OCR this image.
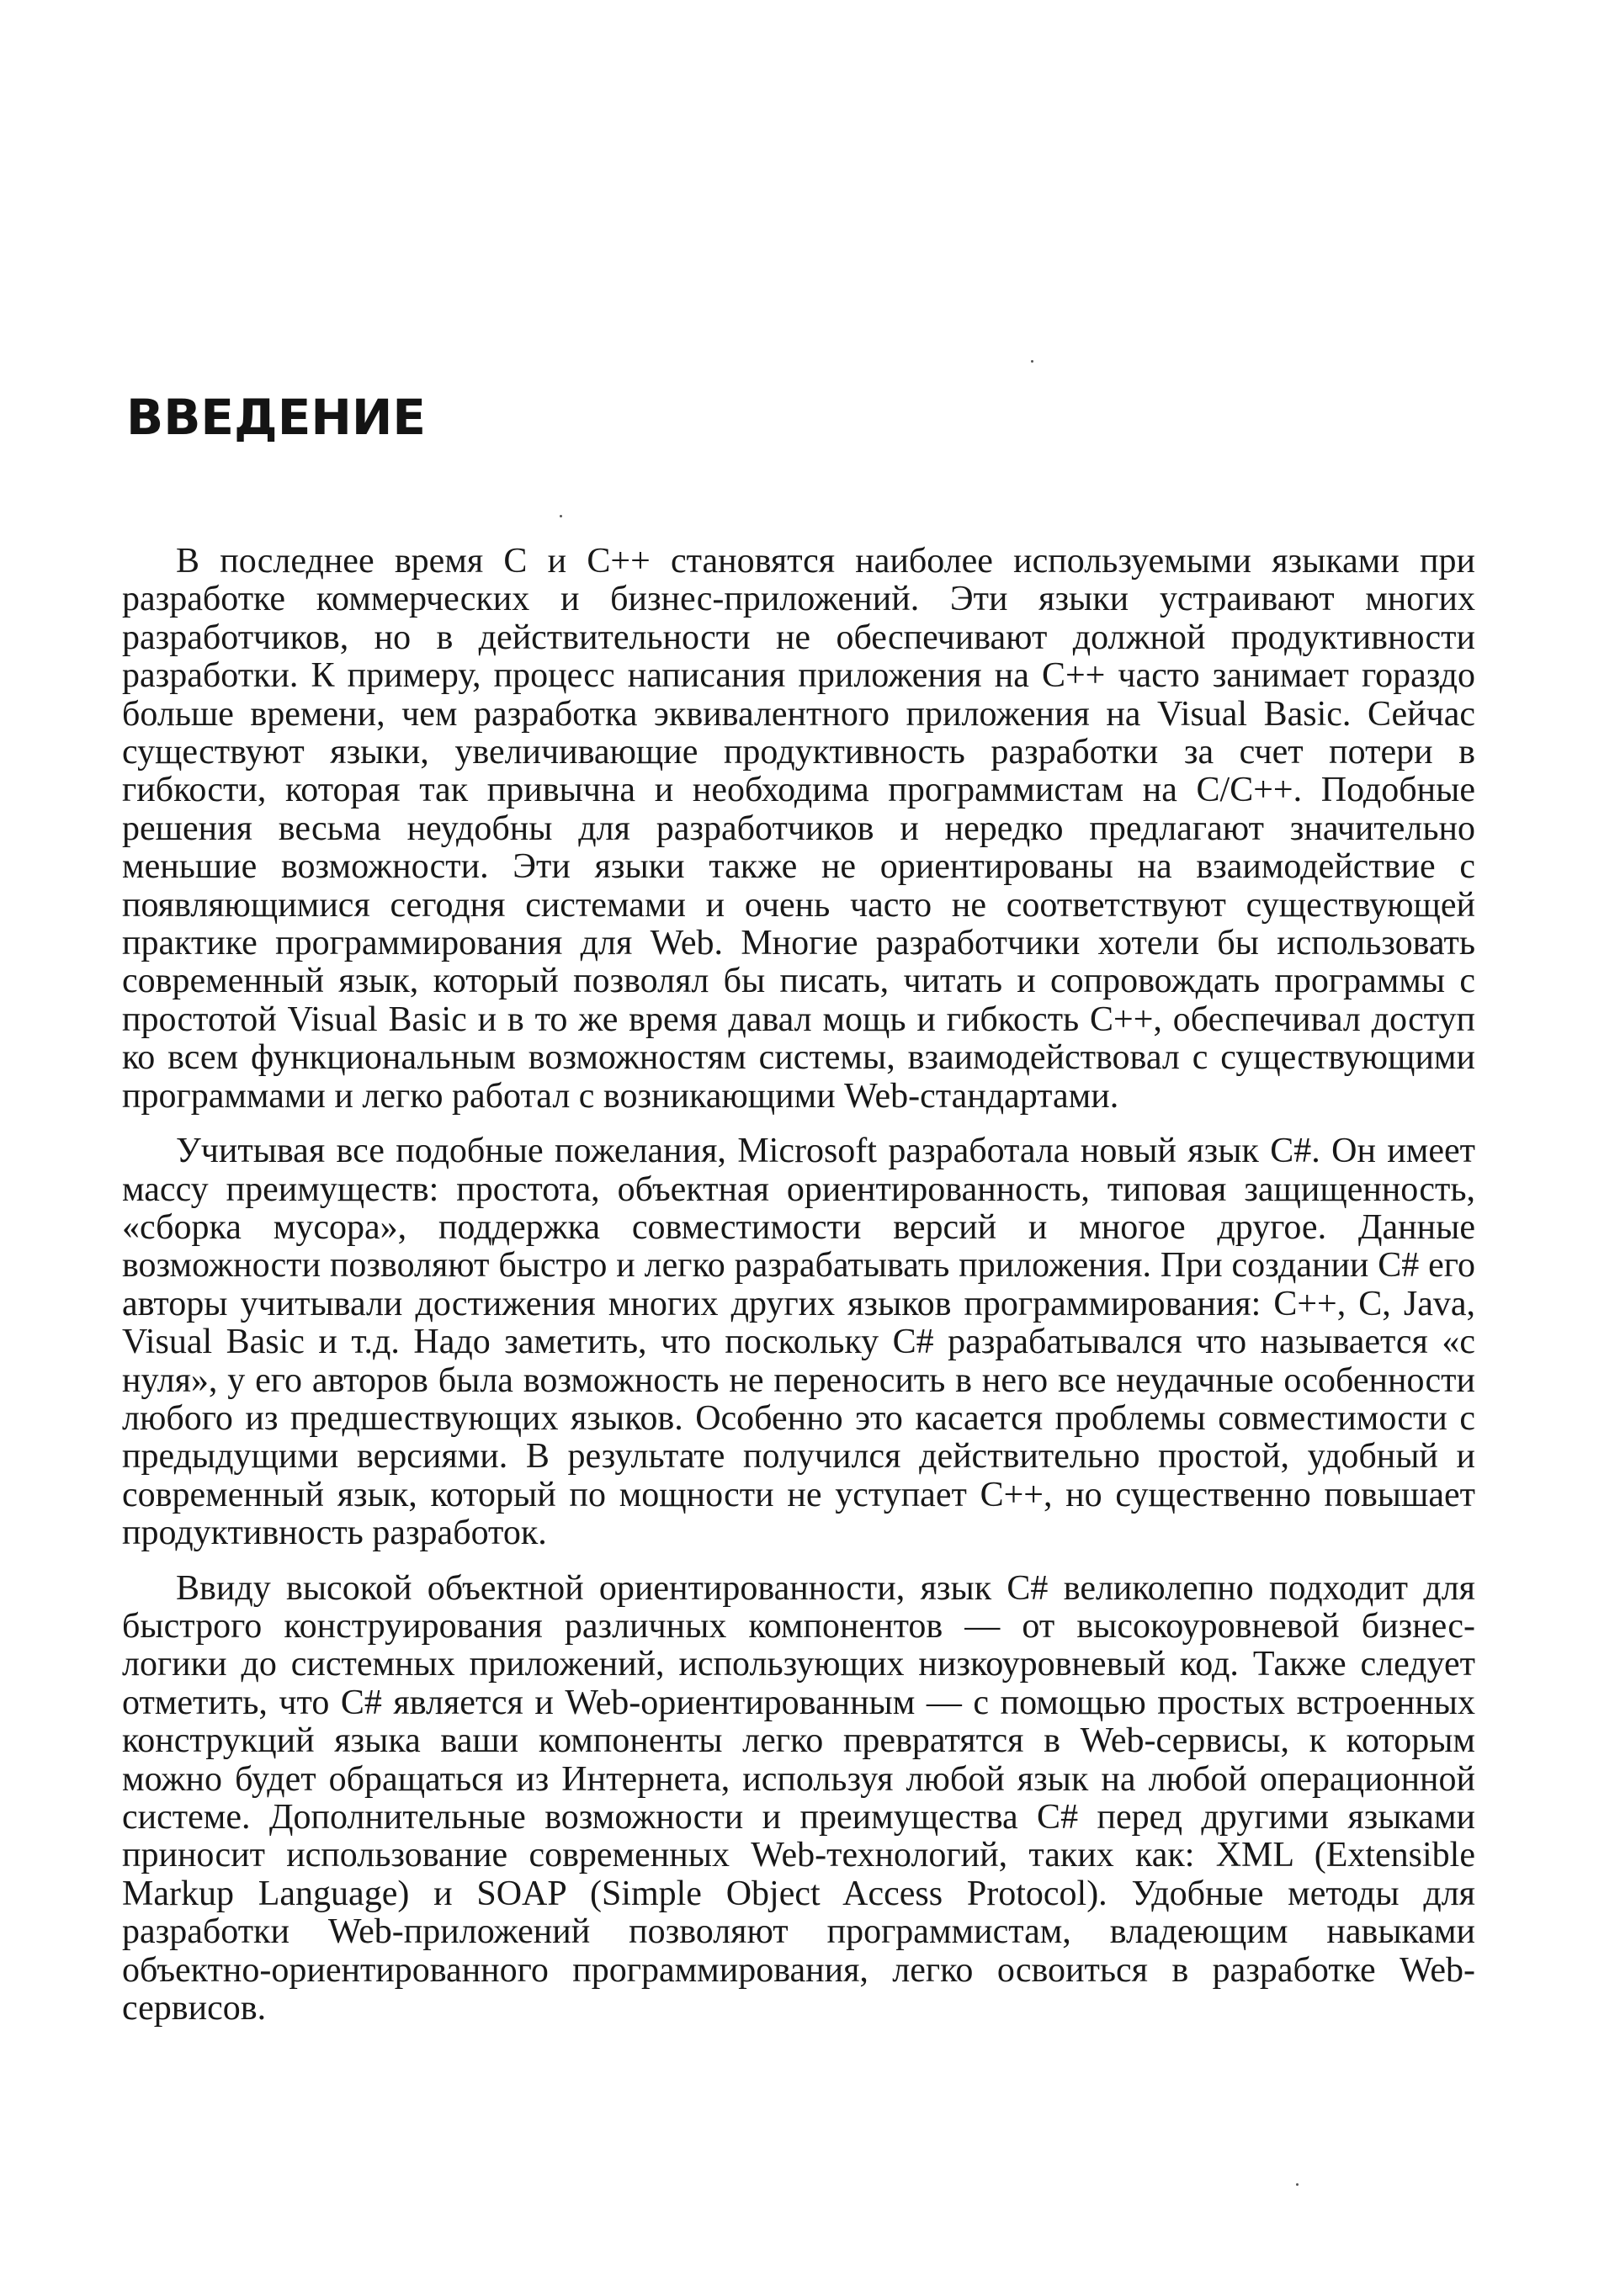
ВВЕДЕНИЕ

В последнее время С и С++ становятся наиболее используемыми языками при разработке коммерческих и бизнес-приложений. Эти языки устраивают многих разработчиков, но в действительности не обеспечивают должной продуктивности разработки. К примеру, процесс написания приложения на С++ часто занимает гораздо больше времени, чем разработка эквивалентного приложения на Visual Basic. Сейчас существуют языки, увеличивающие продуктивность разработки за счет потери в гибкости, которая так привычна и необходима программистам на С/С++. Подобные решения весьма неудобны для разработчиков и нередко предлагают значительно меньшие возможности. Эти языки также не ориентированы на взаимодействие с появляющимися сегодня системами и очень часто не соответствуют существующей практике программирования для Web. Многие разработчики хотели бы использовать современный язык, который позволял бы писать, читать и сопровождать программы с простотой Visual Basic и в то же время давал мощь и гибкость С++, обеспечивал доступ ко всем функциональным возможностям системы, взаимодействовал с существующими программами и легко работал с возникающими Web-стандартами.

Учитывая все подобные пожелания, Microsoft разработала новый язык С#. Он имеет массу преимуществ: простота, объектная ориентированность, типовая защищенность, «сборка мусора», поддержка совместимости версий и многое другое. Данные возможности позволяют быстро и легко разрабатывать приложения. При создании С# его авторы учитывали достижения многих других языков программирования: С++, С, Java, Visual Basic и т.д. Надо заметить, что поскольку С# разрабатывался что называется «с нуля», у его авторов была возможность не переносить в него все неудачные особенности любого из предшествующих языков. Особенно это касается проблемы совместимости с предыдущими версиями. В результате получился действительно простой, удобный и современный язык, который по мощности не уступает С++, но существенно повышает продуктивность разработок.

Ввиду высокой объектной ориентированности, язык С# великолепно подходит для быстрого конструирования различных компонентов — от высокоуровневой бизнес-логики до системных приложений, использующих низкоуровневый код. Также следует отметить, что С# является и Web-ориентированным — с помощью простых встроенных конструкций языка ваши компоненты легко превратятся в Web-сервисы, к которым можно будет обращаться из Интернета, используя любой язык на любой операционной системе. Дополнительные возможности и преимущества С# перед другими языками приносит использование современных Web-технологий, таких как: XML (Extensible Markup Language) и SOAP (Simple Object Access Protocol). Удобные методы для разработки Web-приложений позволяют программистам, владеющим навыками объектно-ориентированного программирования, легко освоиться в разработке Web-сервисов.
